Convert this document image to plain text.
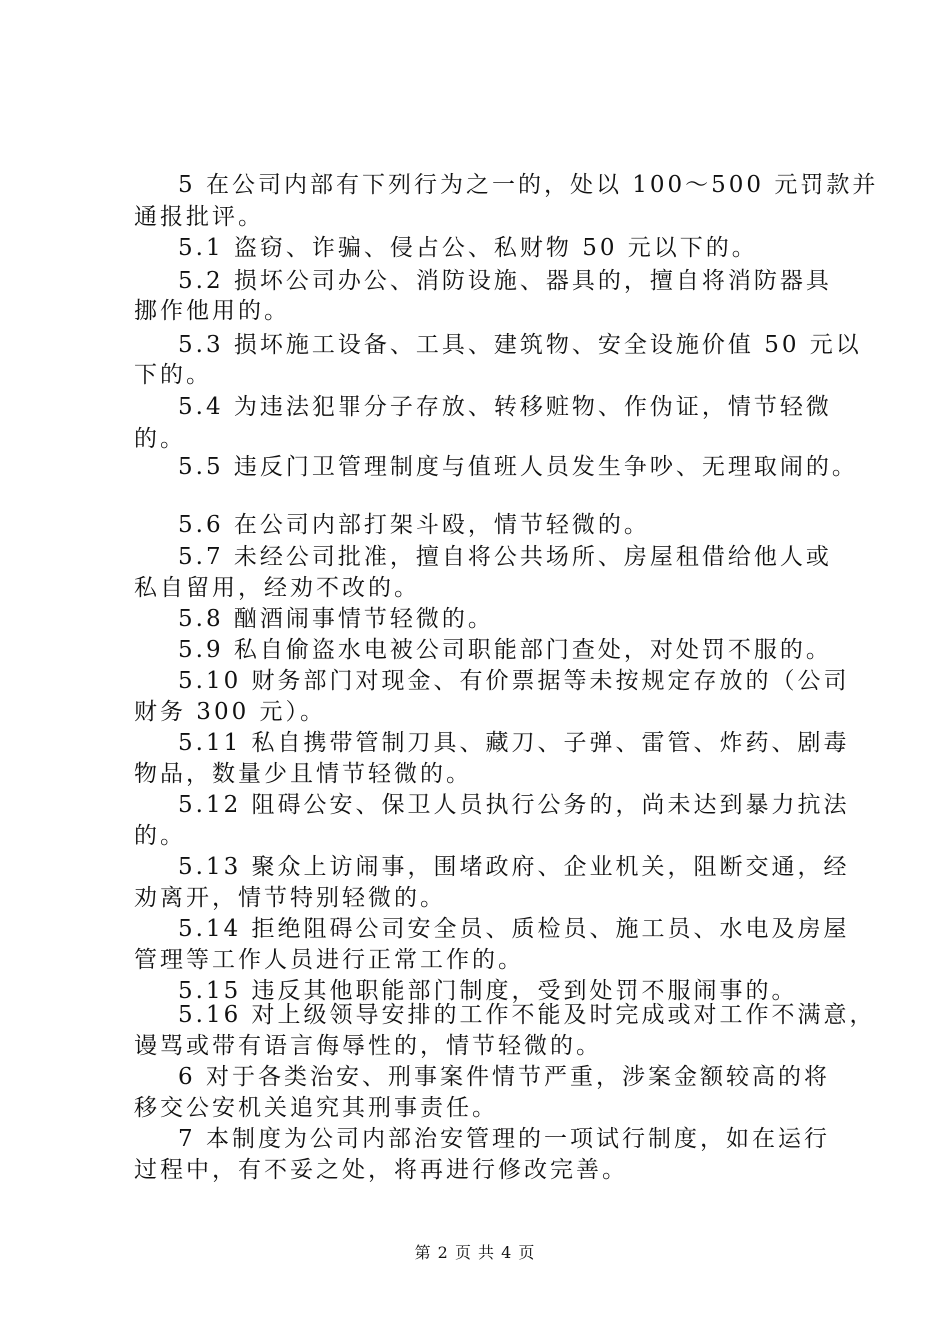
5 在公司内部有下列行为之一的，处以 100～500 元罚款并
通报批评。
5.1 盗窃、诈骗、侵占公、私财物 50 元以下的。
5.2 损坏公司办公、消防设施、器具的，擅自将消防器具
挪作他用的。
5.3 损坏施工设备、工具、建筑物、安全设施价值 50 元以
下的。
5.4 为违法犯罪分子存放、转移赃物、作伪证，情节轻微
的。
5.5 违反门卫管理制度与值班人员发生争吵、无理取闹的。
5.6 在公司内部打架斗殴，情节轻微的。
5.7 未经公司批准，擅自将公共场所、房屋租借给他人或
私自留用，经劝不改的。
5.8 酗酒闹事情节轻微的。
5.9 私自偷盗水电被公司职能部门查处，对处罚不服的。
5.10 财务部门对现金、有价票据等未按规定存放的（公司
财务 300 元）。
5.11 私自携带管制刀具、藏刀、子弹、雷管、炸药、剧毒
物品，数量少且情节轻微的。
5.12 阻碍公安、保卫人员执行公务的，尚未达到暴力抗法
的。
5.13 聚众上访闹事，围堵政府、企业机关，阻断交通，经
劝离开，情节特别轻微的。
5.14 拒绝阻碍公司安全员、质检员、施工员、水电及房屋
管理等工作人员进行正常工作的。
5.15 违反其他职能部门制度，受到处罚不服闹事的。
5.16 对上级领导安排的工作不能及时完成或对工作不满意，
谩骂或带有语言侮辱性的，情节轻微的。
6 对于各类治安、刑事案件情节严重，涉案金额较高的将
移交公安机关追究其刑事责任。
7 本制度为公司内部治安管理的一项试行制度，如在运行
过程中，有不妥之处，将再进行修改完善。
第 2 页 共 4 页
